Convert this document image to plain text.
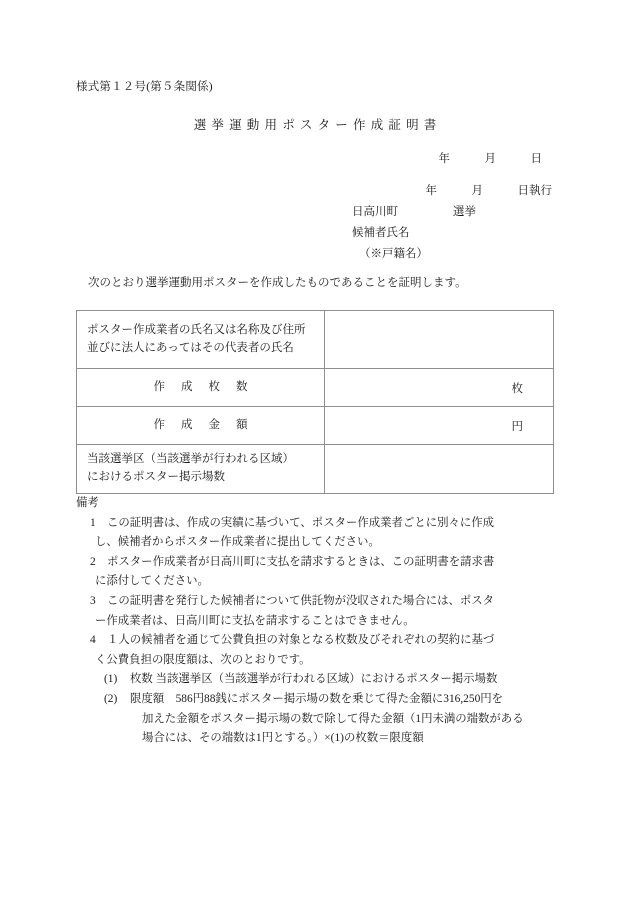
様式第１２号(第５条関係)
選挙運動用ポスター作成証明書
年　　　月　　　日
年　　　月　　　日執行
日高川町	選挙
候補者氏名
（※戸籍名）
次のとおり選挙運動用ポスターを作成したものであることを証明します。
ポスター作成業者の氏名又は名称及び住所
並びに法人にあってはその代表者の氏名	

作成枚数	枚
作成金額	円
当該選挙区（当該選挙が行われる区域）
におけるポスター掲示場数	

備考
1 この証明書は、作成の実績に基づいて、ポスター作成業者ごとに別々に作成
し、候補者からポスター作成業者に提出してください。
2 ポスター作成業者が日高川町に支払を請求するときは、この証明書を請求書
に添付してください。
3 この証明書を発行した候補者について供託物が没収された場合には、ポスタ
ー作成業者は、日高川町に支払を請求することはできません。
4 １人の候補者を通じて公費負担の対象となる枚数及びそれぞれの契約に基づ
く公費負担の限度額は、次のとおりです。
(1) 枚数 当該選挙区（当該選挙が行われる区域）におけるポスター掲示場数
(2) 限度額　586円88銭にポスター掲示場の数を乗じて得た金額に316,250円を
加えた金額をポスター掲示場の数で除して得た金額（1円未満の端数がある
場合には、その端数は1円とする。）×(1)の枚数＝限度額
